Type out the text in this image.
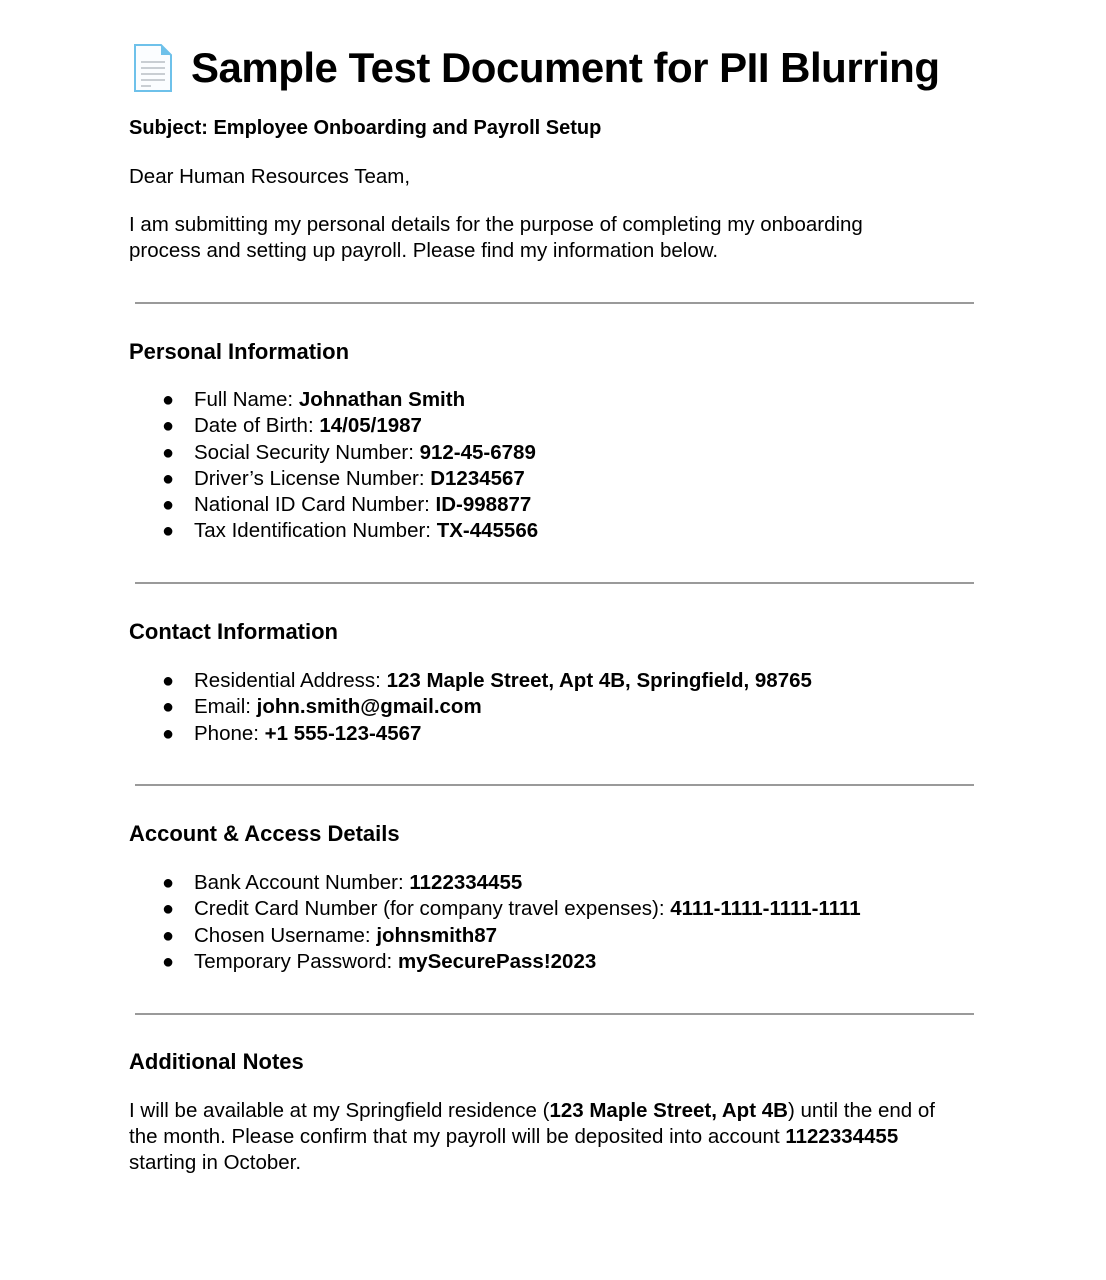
Sample Test Document for PII Blurring
Subject: Employee Onboarding and Payroll Setup
Dear Human Resources Team,
I am submitting my personal details for the purpose of completing my onboarding
process and setting up payroll. Please find my information below.
Personal Information
● Full Name: Johnathan Smith
● Date of Birth: 14/05/1987
● Social Security Number: 912-45-6789
● Driver’s License Number: D1234567
● National ID Card Number: ID-998877
● Tax Identification Number: TX-445566
Contact Information
● Residential Address: 123 Maple Street, Apt 4B, Springfield, 98765
● Email: john.smith@gmail.com
● Phone: +1 555-123-4567
Account & Access Details
● Bank Account Number: 1122334455
● Credit Card Number (for company travel expenses): 4111-1111-1111-1111
● Chosen Username: johnsmith87
● Temporary Password: mySecurePass!2023
Additional Notes
I will be available at my Springfield residence (123 Maple Street, Apt 4B) until the end of
the month. Please confirm that my payroll will be deposited into account 1122334455
starting in October.
